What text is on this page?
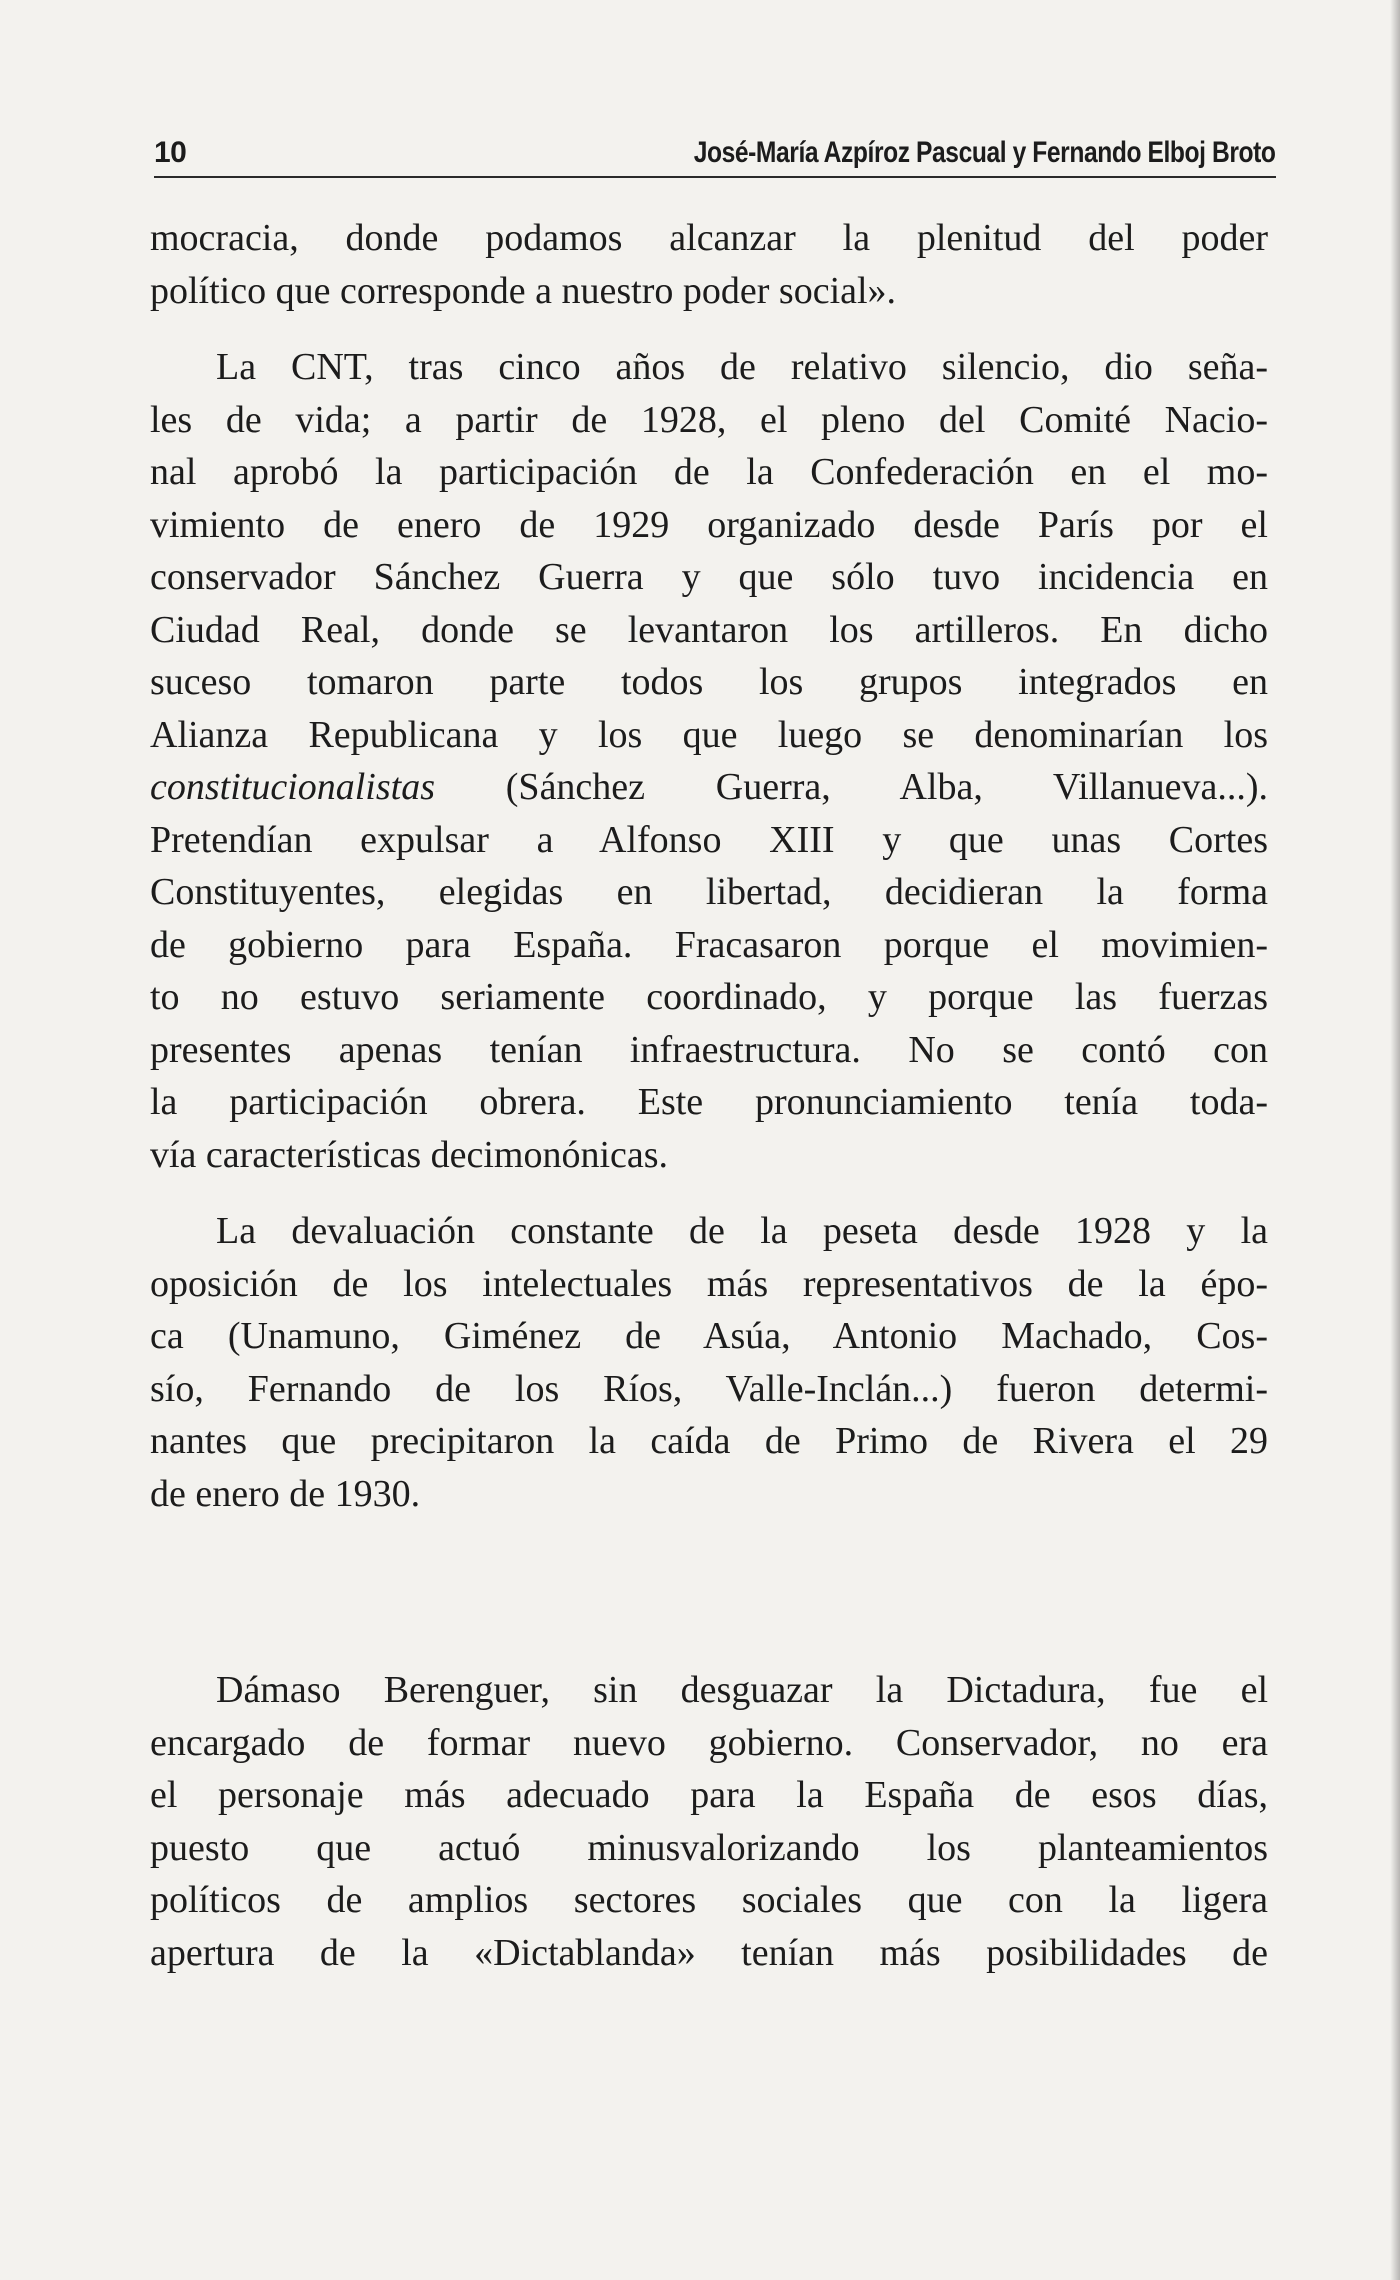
10	José-María Azpíroz Pascual y Fernando Elboj Broto
mocracia, donde podamos alcanzar la plenitud del poder
político que corresponde a nuestro poder social».
La CNT, tras cinco años de relativo silencio, dio seña-
les de vida; a partir de 1928, el pleno del Comité Nacio-
nal aprobó la participación de la Confederación en el mo-
vimiento de enero de 1929 organizado desde París por el
conservador Sánchez Guerra y que sólo tuvo incidencia en
Ciudad Real, donde se levantaron los artilleros. En dicho
suceso tomaron parte todos los grupos integrados en
Alianza Republicana y los que luego se denominarían los
constitucionalistas (Sánchez Guerra, Alba, Villanueva...).
Pretendían expulsar a Alfonso XIII y que unas Cortes
Constituyentes, elegidas en libertad, decidieran la forma
de gobierno para España. Fracasaron porque el movimien-
to no estuvo seriamente coordinado, y porque las fuerzas
presentes apenas tenían infraestructura. No se contó con
la participación obrera. Este pronunciamiento tenía toda-
vía características decimonónicas.
La devaluación constante de la peseta desde 1928 y la
oposición de los intelectuales más representativos de la épo-
ca (Unamuno, Giménez de Asúa, Antonio Machado, Cos-
sío, Fernando de los Ríos, Valle-Inclán...) fueron determi-
nantes que precipitaron la caída de Primo de Rivera el 29
de enero de 1930.
Dámaso Berenguer, sin desguazar la Dictadura, fue el
encargado de formar nuevo gobierno. Conservador, no era
el personaje más adecuado para la España de esos días,
puesto que actuó minusvalorizando los planteamientos
políticos de amplios sectores sociales que con la ligera
apertura de la «Dictablanda» tenían más posibilidades de
